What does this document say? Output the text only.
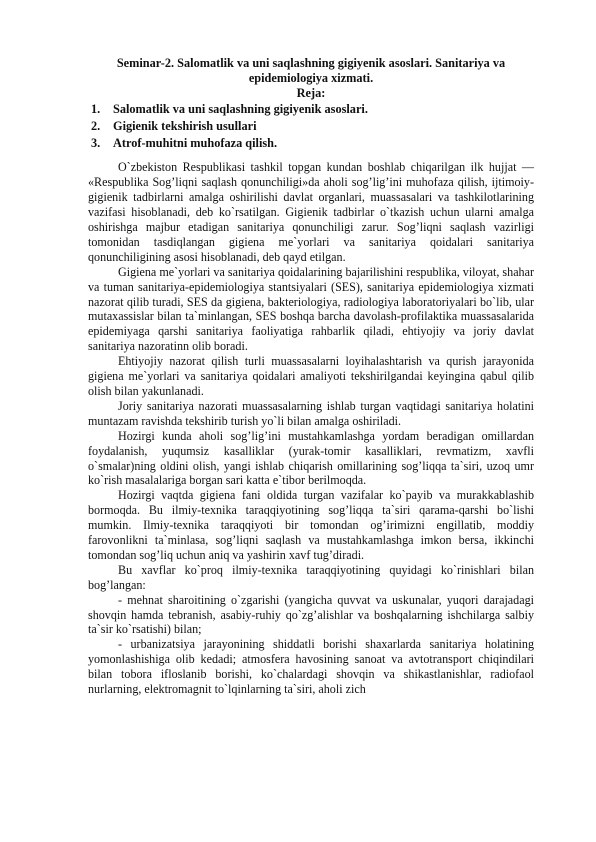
Seminar-2. Salomatlik va uni saqlashning gigiyenik asoslari. Sanitariya va epidemiologiya xizmati.

Reja:

1.	Salomatlik va uni saqlashning gigiyenik asoslari.
2.	Gigienik tekshirish usullari
3.	Atrof-muhitni muhofaza qilish.

O`zbekiston Respublikasi tashkil topgan kundan boshlab chiqarilgan ilk hujjat — «Respublika Sog’liqni saqlash qonunchiligi»da aholi sog’lig’ini muhofaza qilish, ijtimoiy-gigienik tadbirlarni amalga oshirilishi davlat organlari, muassasalari va tashkilotlarining vazifasi hisoblanadi, deb ko`rsatilgan. Gigienik tadbirlar o`tkazish uchun ularni amalga oshirishga majbur etadigan sanitariya qonunchiligi zarur. Sog’liqni saqlash vazirligi tomonidan tasdiqlangan gigiena me`yorlari va sanitariya qoidalari sanitariya qonunchiligining asosi hisoblanadi, deb qayd etilgan.

Gigiena me`yorlari va sanitariya qoidalarining bajarilishini respublika, viloyat, shahar va tuman sanitariya-epidemiologiya stantsiyalari (SES), sanitariya epidemiologiya xizmati nazorat qilib turadi, SES da gigiena, bakteriologiya, radiologiya laboratoriyalari bo`lib, ular mutaxassislar bilan ta`minlangan, SES boshqa barcha davolash-profilaktika muassasalarida epidemiyaga qarshi sanitariya faoliyatiga rahbarlik qiladi, ehtiyojiy va joriy davlat sanitariya nazoratinn olib boradi.

Ehtiyojiy nazorat qilish turli muassasalarni loyihalashtarish va qurish jarayonida gigiena me`yorlari va sanitariya qoidalari amaliyoti tekshirilgandai keyingina qabul qilib olish bilan yakunlanadi.

Joriy sanitariya nazorati muassasalarning ishlab turgan vaqtidagi sanitariya holatini muntazam ravishda tekshirib turish yo`li bilan amalga oshiriladi.

Hozirgi kunda aholi sog’lig’ini mustahkamlashga yordam beradigan omillardan foydalanish, yuqumsiz kasalliklar (yurak-tomir kasalliklari, revmatizm, xavfli o`smalar)ning oldini olish, yangi ishlab chiqarish omillarining sog’liqqa ta`siri, uzoq umr ko`rish masalalariga borgan sari katta e`tibor berilmoqda.

Hozirgi vaqtda gigiena fani oldida turgan vazifalar ko`payib va murakkablashib bormoqda. Bu ilmiy-texnika taraqqiyotining sog’liqqa ta`siri qarama-qarshi bo`lishi mumkin. Ilmiy-texnika taraqqiyoti bir tomondan og’irimizni engillatib, moddiy farovonlikni ta`minlasa, sog’liqni saqlash va mustahkamlashga imkon bersa, ikkinchi tomondan sog’liq uchun aniq va yashirin xavf tug’diradi.

Bu xavflar ko`proq ilmiy-texnika taraqqiyotining quyidagi ko`rinishlari bilan bog’langan:

- mehnat sharoitining o`zgarishi (yangicha quvvat va uskunalar, yuqori darajadagi shovqin hamda tebranish, asabiy-ruhiy qo`zg’alishlar va boshqalarning ishchilarga salbiy ta`sir ko`rsatishi) bilan;

- urbanizatsiya jarayonining shiddatli borishi shaxarlarda sanitariya holatining yomonlashishiga olib kedadi; atmosfera havosining sanoat va avtotransport chiqindilari bilan tobora ifloslanib borishi, ko`chalardagi shovqin va shikastlanishlar, radiofaol nurlarning, elektromagnit to`lqinlarning ta`siri, aholi zich
